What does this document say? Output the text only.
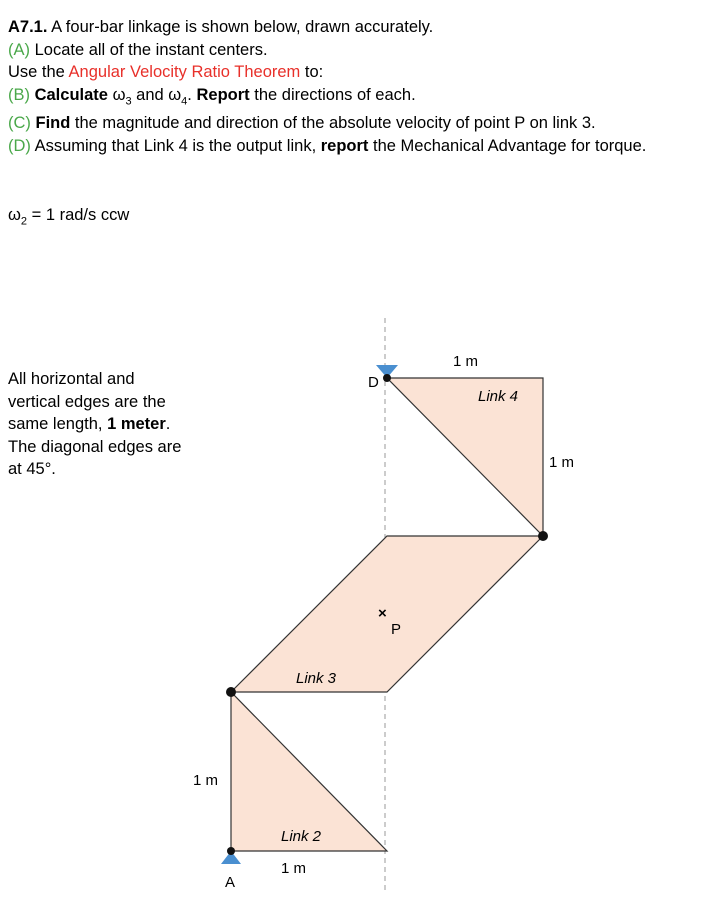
A7.1. A four-bar linkage is shown below, drawn accurately.
(A) Locate all of the instant centers.
Use the Angular Velocity Ratio Theorem to:
(B) Calculate $\omega_3$ and $\omega_4$. Report the directions of each.
(C) Find the magnitude and direction of the absolute velocity of point P on link 3.
(D) Assuming that Link 4 is the output link, report the Mechanical Advantage for torque.
$\omega_2 = 1$ rad/s ccw
All horizontal and
vertical edges are the
same length, 1 meter.
The diagonal edges are
at 45°.
1 m
Link 4
1 m
D
×
P
Link 3
1 m
Link 2
1 m
A
